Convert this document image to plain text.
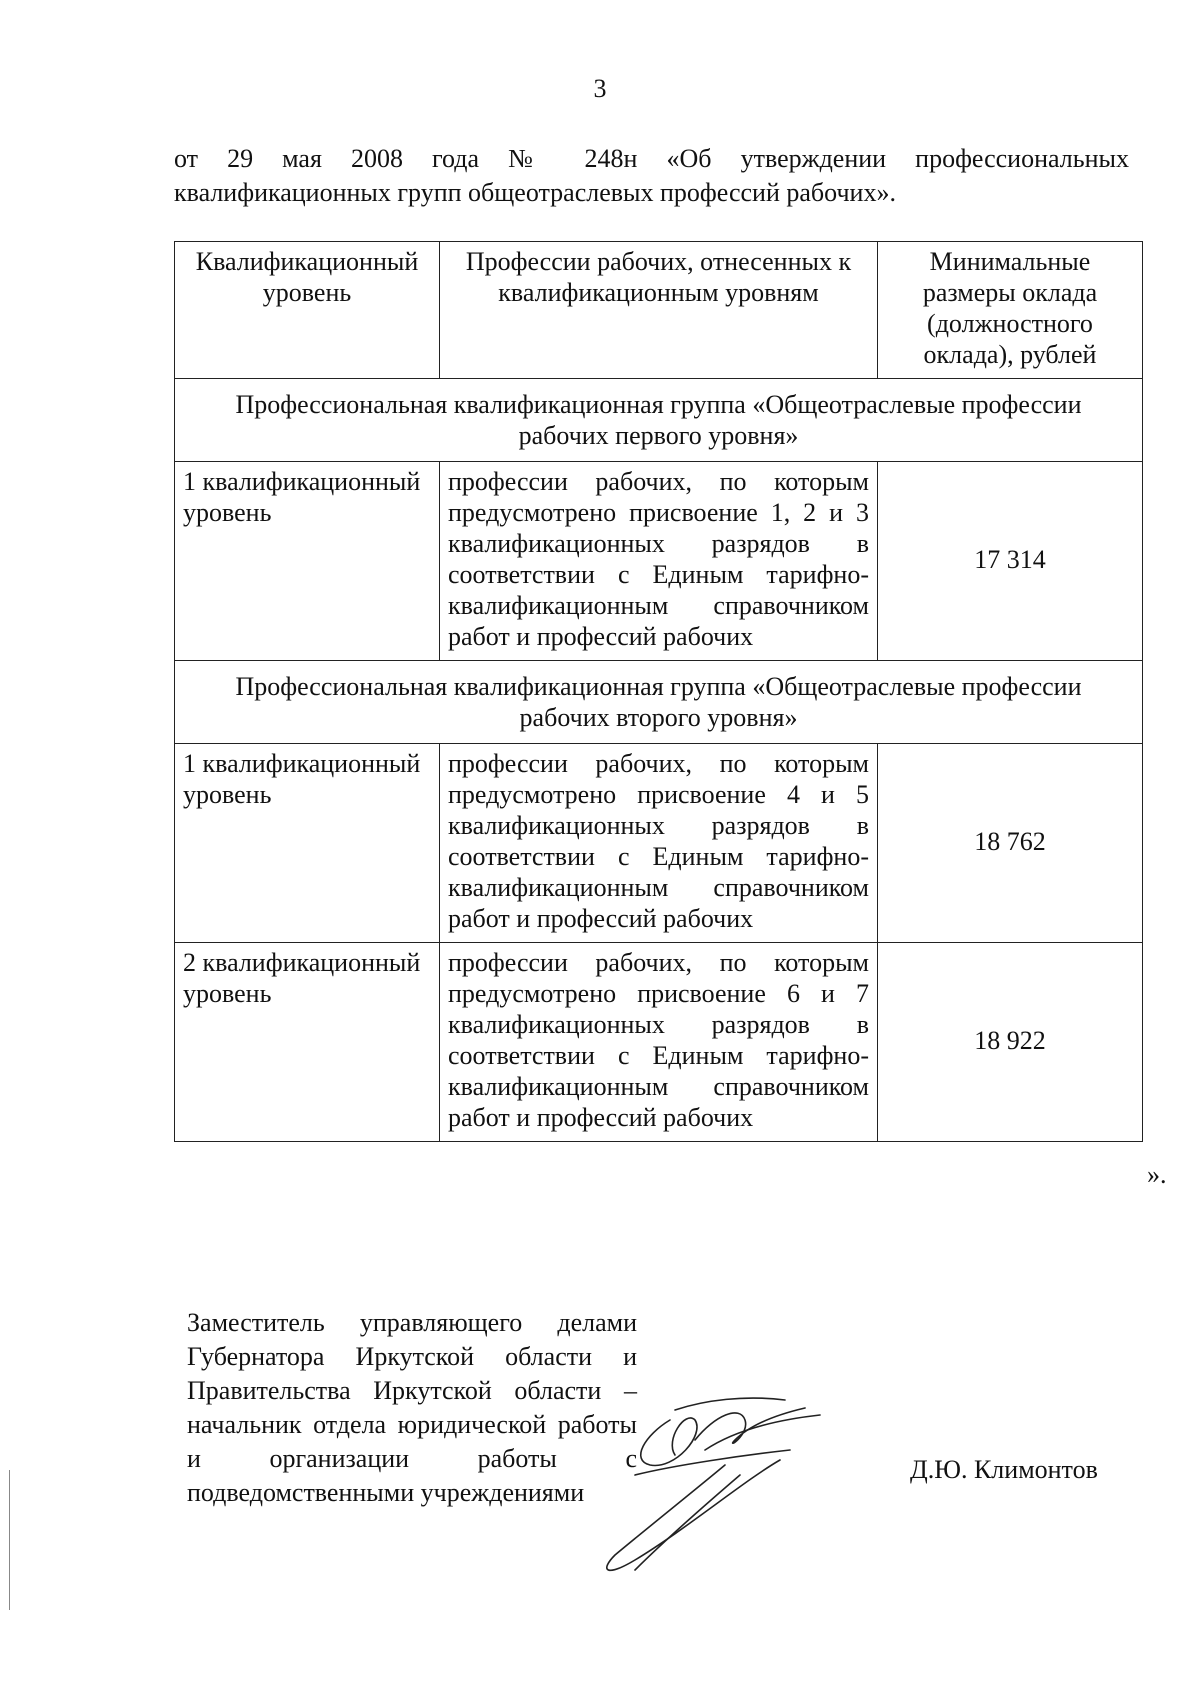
3

от 29 мая 2008 года № 248н «Об утверждении профессиональных

квалификационных групп общеотраслевых профессий рабочих».

Квалификационный уровень	Профессии рабочих, отнесенных к квалификационным уровням	Минимальные размеры оклада (должностного оклада), рублей
Профессиональная квалификационная группа «Общеотраслевые профессии рабочих первого уровня»		
1 квалификационный уровень	профессии рабочих, по которым предусмотрено присвоение 1, 2 и 3 квалификационных разрядов в соответствии с Единым тарифно-квалификационным справочником работ и профессий рабочих	17 314
Профессиональная квалификационная группа «Общеотраслевые профессии рабочих второго уровня»		
1 квалификационный уровень	профессии рабочих, по которым предусмотрено присвоение 4 и 5 квалификационных разрядов в соответствии с Единым тарифно-квалификационным справочником работ и профессий рабочих	18 762
2 квалификационный уровень	профессии рабочих, по которым предусмотрено присвоение 6 и 7 квалификационных разрядов в соответствии с Единым тарифно-квалификационным справочником работ и профессий рабочих	18 922
».

Заместитель управляющего делами Губернатора Иркутской области и Правительства Иркутской области – начальник отдела юридической работы и организации работы с подведомственными учреждениями

Д.Ю. Климонтов
